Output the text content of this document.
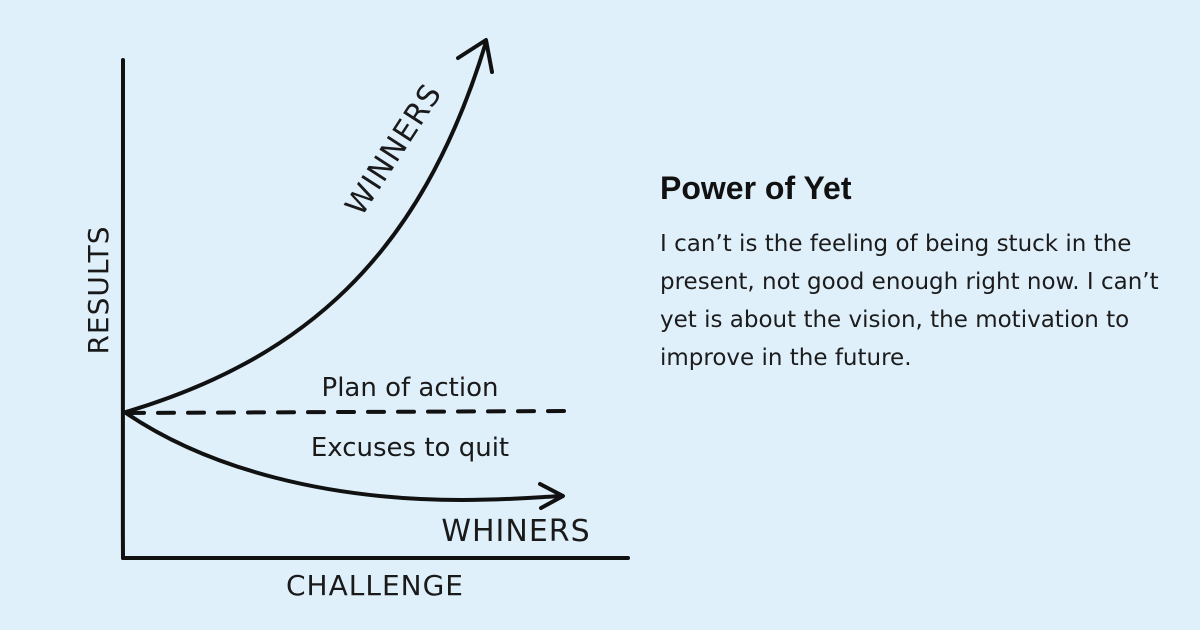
RESULTS
CHALLENGE
WINNERS
Plan of action
Excuses to quit
WHINERS
Power of Yet

I can’t is the feeling of being stuck in the present, not good enough right now. I can’t yet is about the vision, the motivation to improve in the future.
